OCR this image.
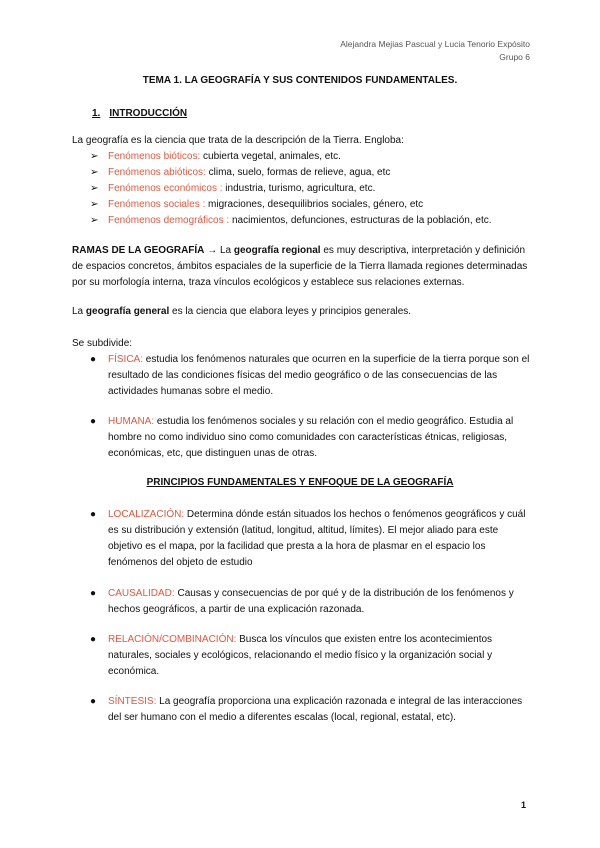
Alejandra Mejias Pascual y Lucia Tenorio Expósito
Grupo 6
TEMA 1. LA GEOGRAFÍA Y SUS CONTENIDOS FUNDAMENTALES.
1. INTRODUCCIÓN
La geografía es la ciencia que trata de la descripción de la Tierra. Engloba:
➢ Fenómenos bióticos: cubierta vegetal, animales, etc.
➢ Fenómenos abióticos: clima, suelo, formas de relieve, agua, etc
➢ Fenómenos económicos : industria, turismo, agricultura, etc.
➢ Fenómenos sociales : migraciones, desequilibrios sociales, género, etc
➢ Fenómenos demográficos : nacimientos, defunciones, estructuras de la población, etc.
RAMAS DE LA GEOGRAFÍA → La geografía regional es muy descriptiva, interpretación y definición de espacios concretos, ámbitos espaciales de la superficie de la Tierra llamada regiones determinadas por su morfología interna, traza vínculos ecológicos y establece sus relaciones externas.
La geografía general es la ciencia que elabora leyes y principios generales.
Se subdivide:
● FÍSICA: estudia los fenómenos naturales que ocurren en la superficie de la tierra porque son el resultado de las condiciones físicas del medio geográfico o de las consecuencias de las actividades humanas sobre el medio.
● HUMANA: estudia los fenómenos sociales y su relación con el medio geográfico. Estudia al hombre no como individuo sino como comunidades con características étnicas, religiosas, económicas, etc, que distinguen unas de otras.
PRINCIPIOS FUNDAMENTALES Y ENFOQUE DE LA GEOGRAFÍA
● LOCALIZACIÓN: Determina dónde están situados los hechos o fenómenos geográficos y cuál es su distribución y extensión (latitud, longitud, altitud, límites). El mejor aliado para este objetivo es el mapa, por la facilidad que presta a la hora de plasmar en el espacio los fenómenos del objeto de estudio
● CAUSALIDAD: Causas y consecuencias de por qué y de la distribución de los fenómenos y hechos geográficos, a partir de una explicación razonada.
● RELACIÓN/COMBINACIÓN: Busca los vínculos que existen entre los acontecimientos naturales, sociales y ecológicos, relacionando el medio físico y la organización social y económica.
● SÍNTESIS: La geografía proporciona una explicación razonada e integral de las interacciones del ser humano con el medio a diferentes escalas (local, regional, estatal, etc).
1
